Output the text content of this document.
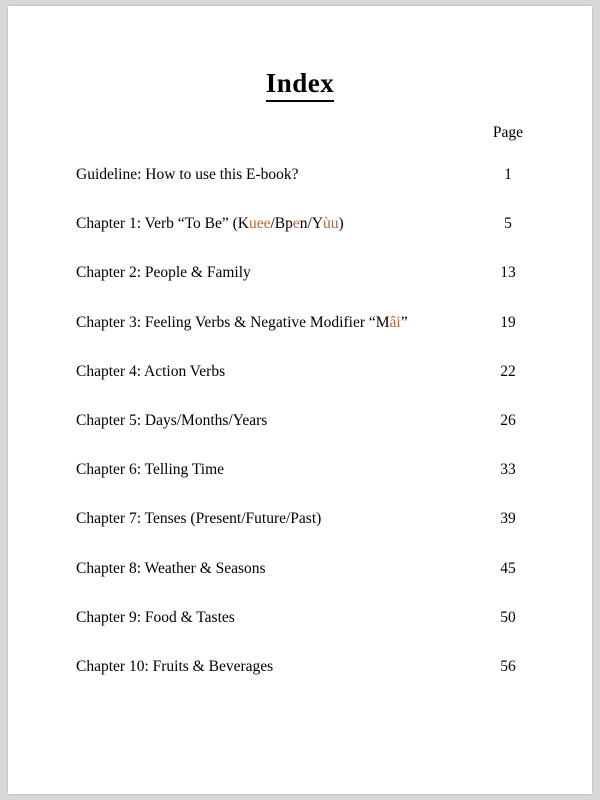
Index
Page
Guideline: How to use this E-book?	1
Chapter 1: Verb “To Be” (Kuee/Bpen/Yùu)	5
Chapter 2: People & Family	13
Chapter 3: Feeling Verbs & Negative Modifier “Mâi”	19
Chapter 4: Action Verbs	22
Chapter 5: Days/Months/Years	26
Chapter 6: Telling Time	33
Chapter 7: Tenses (Present/Future/Past)	39
Chapter 8: Weather & Seasons	45
Chapter 9: Food & Tastes	50
Chapter 10: Fruits & Beverages	56
